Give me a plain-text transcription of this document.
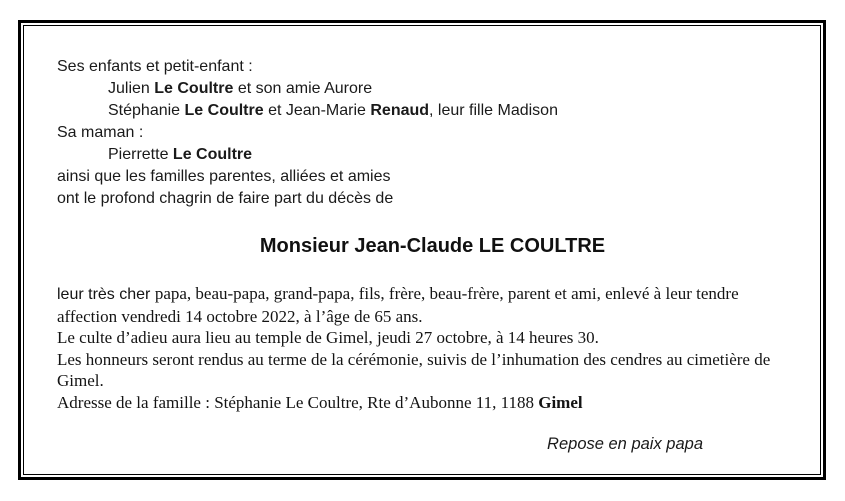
Ses enfants et petit-enfant :
Julien Le Coultre et son amie Aurore
Stéphanie Le Coultre et Jean-Marie Renaud, leur fille Madison
Sa maman :
Pierrette Le Coultre
ainsi que les familles parentes, alliées et amies
ont le profond chagrin de faire part du décès de
Monsieur Jean-Claude LE COULTRE
leur très cher papa, beau-papa, grand-papa, fils, frère, beau-frère, parent et ami, enlevé à leur tendre
affection vendredi 14 octobre 2022, à l’âge de 65 ans.
Le culte d’adieu aura lieu au temple de Gimel, jeudi 27 octobre, à 14 heures 30.
Les honneurs seront rendus au terme de la cérémonie, suivis de l’inhumation des cendres au cimetière de
Gimel.
Adresse de la famille : Stéphanie Le Coultre, Rte d’Aubonne 11, 1188 Gimel
Repose en paix papa
